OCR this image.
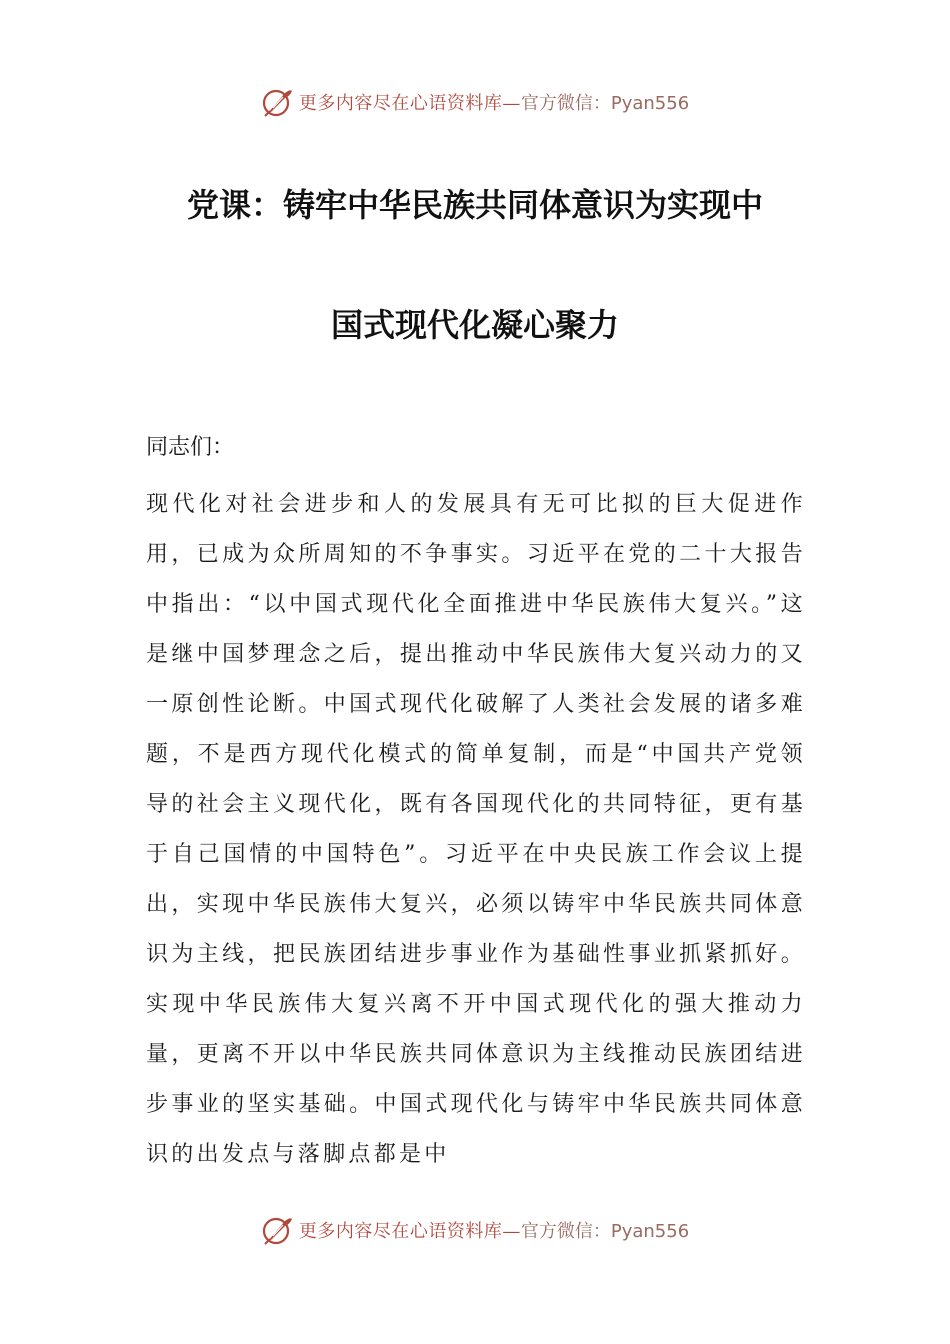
更多内容尽在心语资料库— 官方微信：Pyan556
党课：铸牢中华民族共同体意识为实现中
国式现代化凝心聚力

同志们：

现代化对社会进步和人的发展具有无可比拟的巨大促进作用，已成为众所周知的不争事实。习近平在党的二十大报告中指出：“以中国式现代化全面推进中华民族伟大复兴。”这是继中国梦理念之后，提出推动中华民族伟大复兴动力的又一原创性论断。中国式现代化破解了人类社会发展的诸多难题，不是西方现代化模式的简单复制，而是“中国共产党领导的社会主义现代化，既有各国现代化的共同特征，更有基于自己国情的中国特色”。习近平在中央民族工作会议上提出，实现中华民族伟大复兴，必须以铸牢中华民族共同体意识为主线，把民族团结进步事业作为基础性事业抓紧抓好。实现中华民族伟大复兴离不开中国式现代化的强大推动力量，更离不开以中华民族共同体意识为主线推动民族团结进步事业的坚实基础。中国式现代化与铸牢中华民族共同体意识的出发点与落脚点都是中

更多内容尽在心语资料库— 官方微信：Pyan556
